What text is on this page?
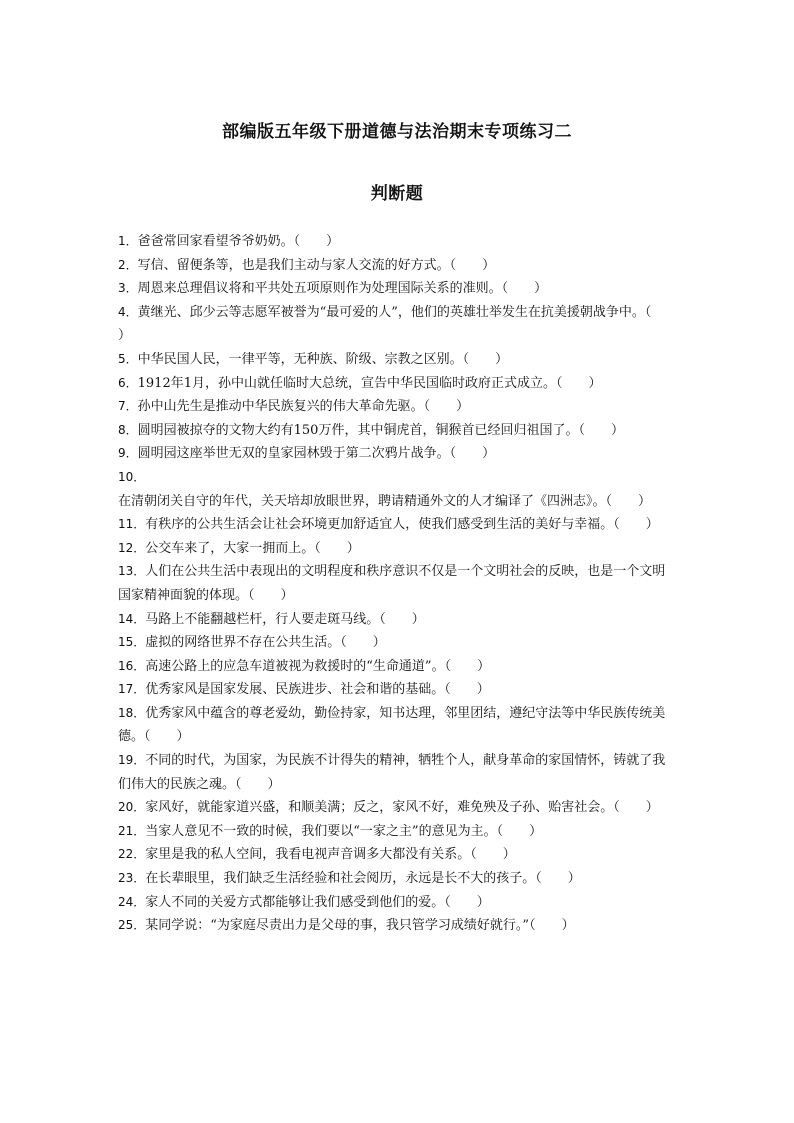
部编版五年级下册道德与法治期末专项练习二
判断题
1．爸爸常回家看望爷爷奶奶。（　　）
2．写信、留便条等，也是我们主动与家人交流的好方式。（　　）
3．周恩来总理倡议将和平共处五项原则作为处理国际关系的准则。（　　）
4．黄继光、邱少云等志愿军被誉为“最可爱的人”，他们的英雄壮举发生在抗美援朝战争中。（　　）
5．中华民国人民，一律平等，无种族、阶级、宗教之区别。（　　）
6．1912年1月，孙中山就任临时大总统，宣告中华民国临时政府正式成立。（　　）
7．孙中山先生是推动中华民族复兴的伟大革命先驱。（　　）
8．圆明园被掠夺的文物大约有150万件，其中铜虎首，铜猴首已经回归祖国了。（　　）
9．圆明园这座举世无双的皇家园林毁于第二次鸦片战争。（　　）
10．在清朝闭关自守的年代，关天培却放眼世界，聘请精通外文的人才编译了《四洲志》。（　　）
11．有秩序的公共生活会让社会环境更加舒适宜人，使我们感受到生活的美好与幸福。（　　）
12．公交车来了，大家一拥而上。（　　）
13．人们在公共生活中表现出的文明程度和秩序意识不仅是一个文明社会的反映，也是一个文明国家精神面貌的体现。（　　）
14．马路上不能翻越栏杆，行人要走斑马线。（　　）
15．虚拟的网络世界不存在公共生活。（　　）
16．高速公路上的应急车道被视为救援时的“生命通道”。（　　）
17．优秀家风是国家发展、民族进步、社会和谐的基础。（　　）
18．优秀家风中蕴含的尊老爱幼，勤俭持家，知书达理，邻里团结，遵纪守法等中华民族传统美德。（　　）
19．不同的时代，为国家，为民族不计得失的精神，牺牲个人，献身革命的家国情怀，铸就了我们伟大的民族之魂。（　　）
20．家风好，就能家道兴盛，和顺美满；反之，家风不好，难免殃及子孙、贻害社会。（　　）
21．当家人意见不一致的时候，我们要以“一家之主”的意见为主。（　　）
22．家里是我的私人空间，我看电视声音调多大都没有关系。（　　）
23．在长辈眼里，我们缺乏生活经验和社会阅历，永远是长不大的孩子。（　　）
24．家人不同的关爱方式都能够让我们感受到他们的爱。（　　）
25．某同学说：“为家庭尽责出力是父母的事，我只管学习成绩好就行。”（　　）
